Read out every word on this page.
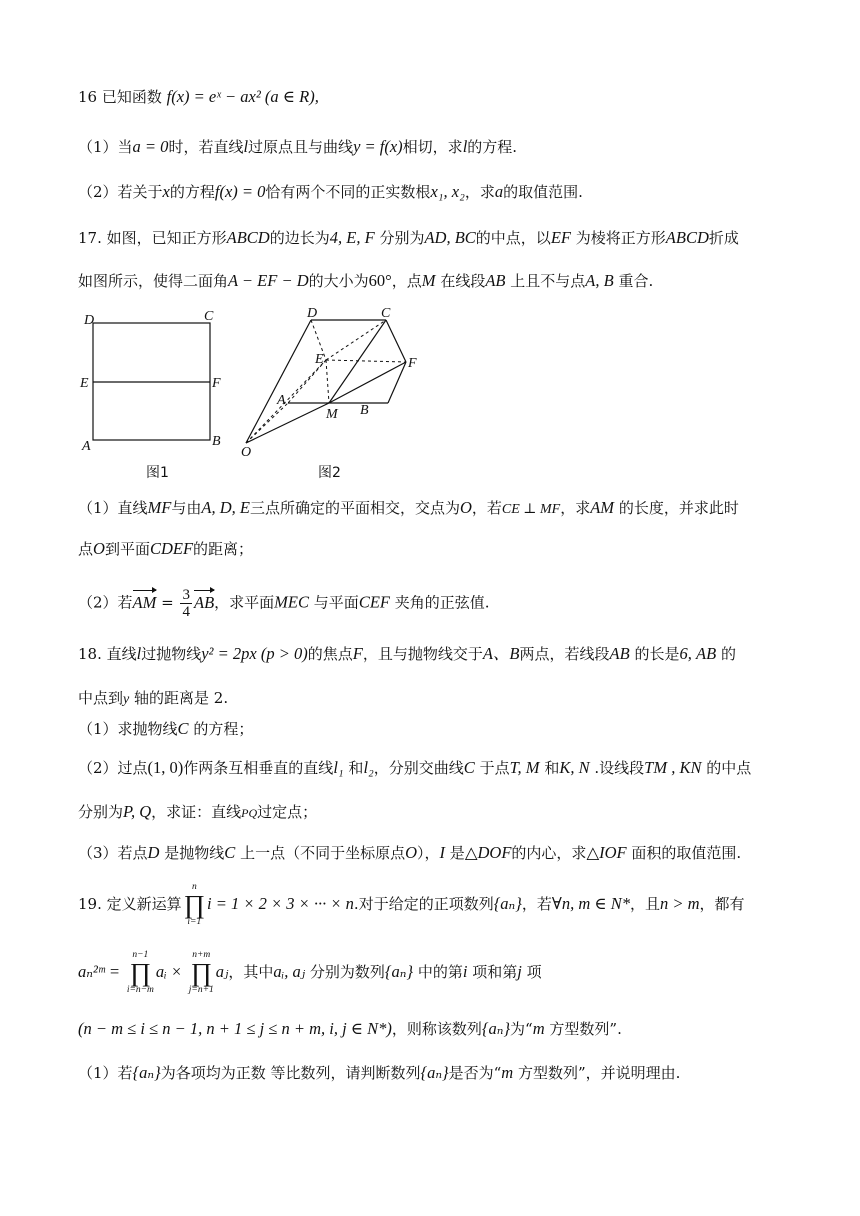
16 已知函数 f(x) = eˣ − ax² (a ∈ R),
（1）当a = 0时，若直线l过原点且与曲线y = f(x)相切，求l的方程.
（2）若关于x的方程f(x) = 0恰有两个不同的正实数根x₁, x₂，求a的取值范围.
17. 如图，已知正方形ABCD的边长为4, E, F 分别为AD, BC的中点，以EF 为棱将正方形ABCD折成
如图所示，使得二面角A − EF − D的大小为60°，点M 在线段AB 上且不与点A, B 重合.
D	C
E	F
A	B
图1
D	C
E	F
A
M B
O
图2
（1）直线MF与由A, D, E三点所确定的平面相交，交点为O，若CE ⊥ MF，求AM 的长度，并求此时
点O到平面CDEF的距离；
（2）若AM = $\frac{3}{4}$ AB，求平面MEC 与平面CEF 夹角的正弦值.
18. 直线l过抛物线y² = 2px (p > 0)的焦点F，且与抛物线交于A、B两点，若线段AB 的长是6, AB 的
中点到y 轴的距离是 2.
（1）求抛物线C 的方程；
（2）过点(1, 0)作两条互相垂直的直线l₁ 和l₂，分别交曲线C 于点T, M 和K, N .设线段TM , KN 的中点
分别为P, Q，求证：直线PQ过定点；
（3）若点D 是抛物线C 上一点（不同于坐标原点O），I 是△DOF的内心，求△IOF 面积的取值范围.
19. 定义新运算
n
∏
i=1
i = 1 × 2 × 3 × ··· × n.对于给定的正项数列{aₙ}，若∀n, m ∈ N*，且n > m，都有
aₙ²ᵐ =
n−1
∏
i=n−m
aᵢ ×
n+m
∏
j=n+1
aⱼ，其中aᵢ, aⱼ 分别为数列{aₙ} 中的第i 项和第j 项
(n − m ≤ i ≤ n − 1, n + 1 ≤ j ≤ n + m, i, j ∈ N*)，则称该数列{aₙ}为“m 方型数列”.
（1）若{aₙ}为各项均为正数 等比数列，请判断数列{aₙ}是否为“m 方型数列”，并说明理由.
